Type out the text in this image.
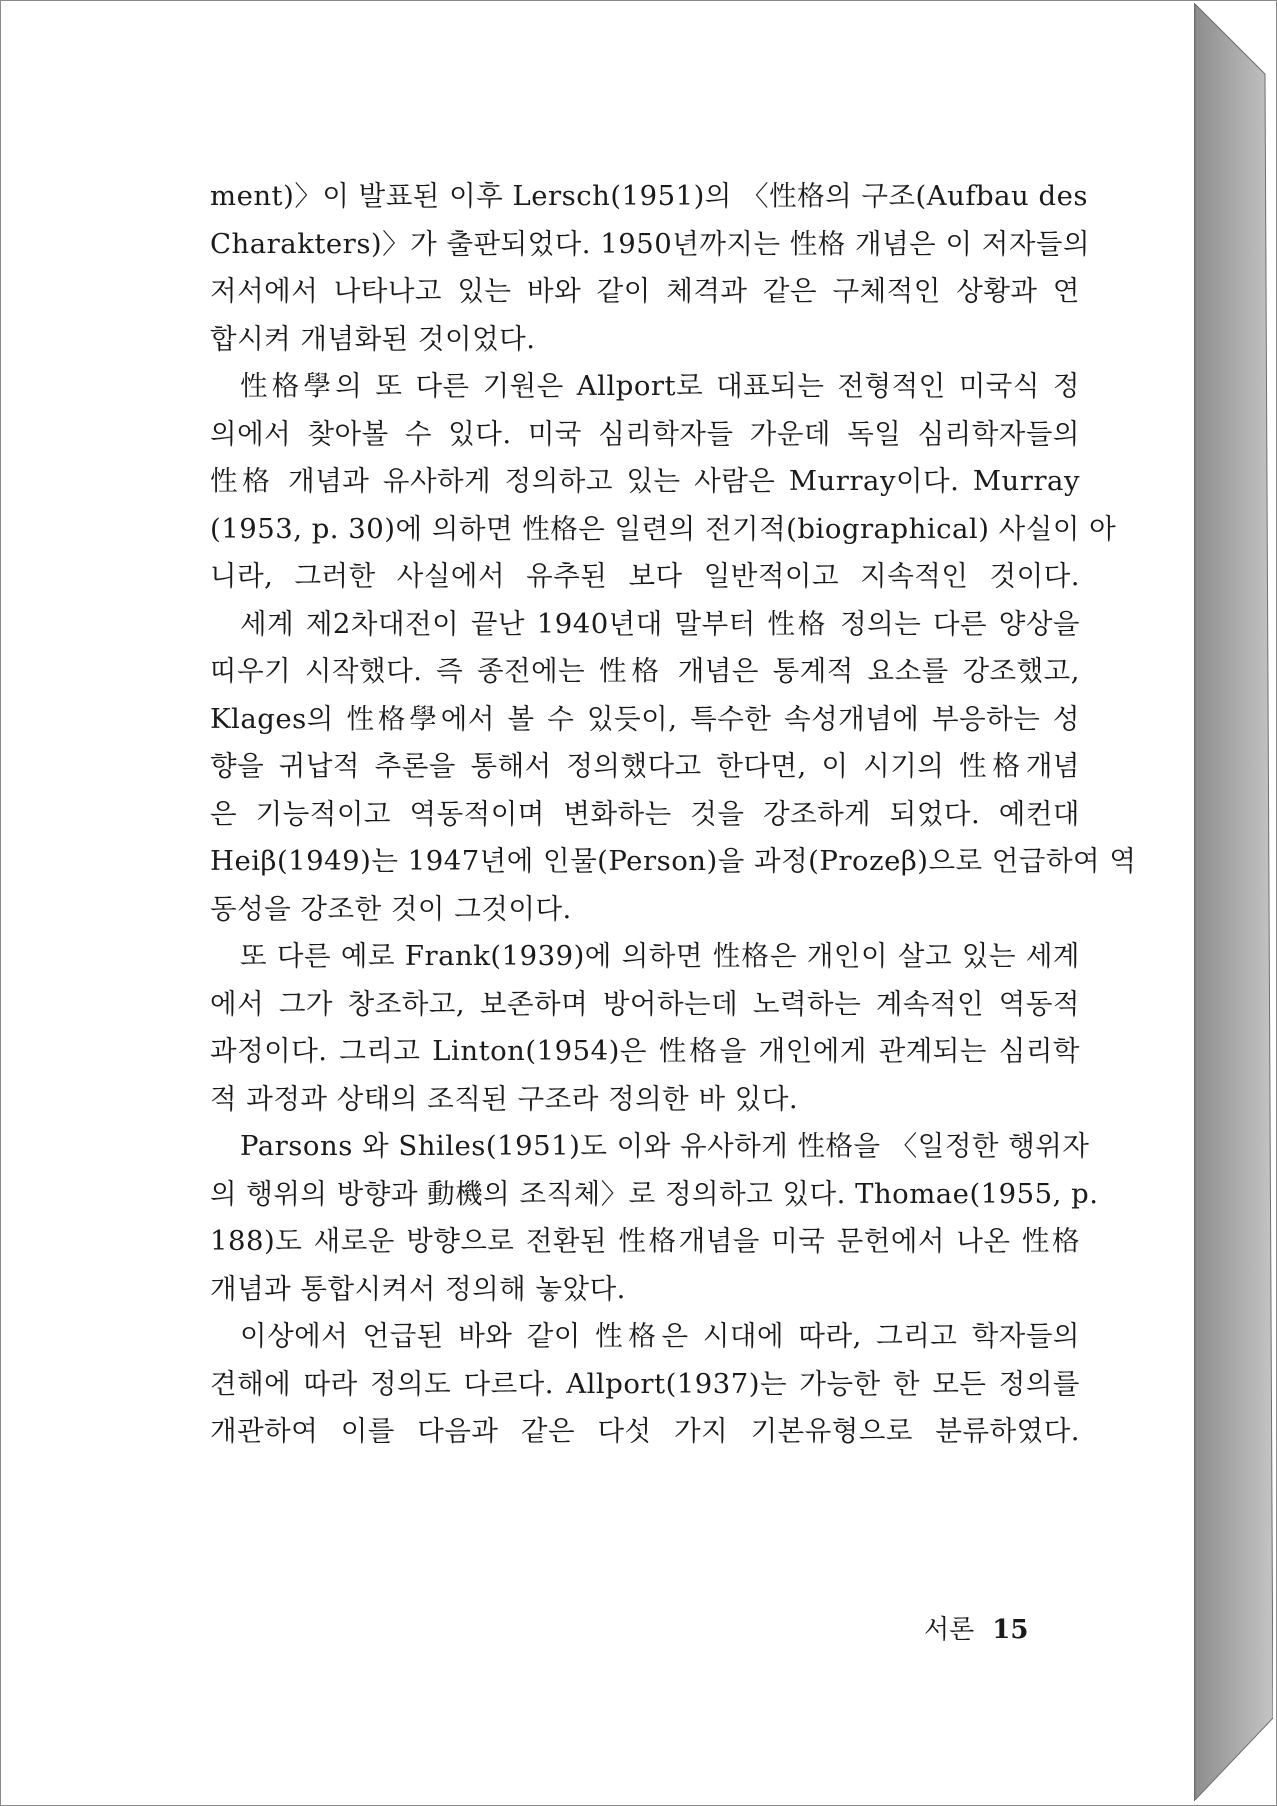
ment)〉이 발표된 이후 Lersch(1951)의 〈性格의 구조(Aufbau des
Charakters)〉가 출판되었다. 1950년까지는 性格 개념은 이 저자들의
저서에서 나타나고 있는 바와 같이 체격과 같은 구체적인 상황과 연
합시켜 개념화된 것이었다.
性格學의 또 다른 기원은 Allport로 대표되는 전형적인 미국식 정
의에서 찾아볼 수 있다. 미국 심리학자들 가운데 독일 심리학자들의
性格 개념과 유사하게 정의하고 있는 사람은 Murray이다. Murray
(1953, p. 30)에 의하면 性格은 일련의 전기적(biographical) 사실이 아
니라, 그러한 사실에서 유추된 보다 일반적이고 지속적인 것이다.
세계 제2차대전이 끝난 1940년대 말부터 性格 정의는 다른 양상을
띠우기 시작했다. 즉 종전에는 性格 개념은 통계적 요소를 강조했고,
Klages의 性格學에서 볼 수 있듯이, 특수한 속성개념에 부응하는 성
향을 귀납적 추론을 통해서 정의했다고 한다면, 이 시기의 性格개념
은 기능적이고 역동적이며 변화하는 것을 강조하게 되었다. 예컨대
Heiβ(1949)는 1947년에 인물(Person)을 과정(Prozeβ)으로 언급하여 역
동성을 강조한 것이 그것이다.
또 다른 예로 Frank(1939)에 의하면 性格은 개인이 살고 있는 세계
에서 그가 창조하고, 보존하며 방어하는데 노력하는 계속적인 역동적
과정이다. 그리고 Linton(1954)은 性格을 개인에게 관계되는 심리학
적 과정과 상태의 조직된 구조라 정의한 바 있다.
Parsons 와 Shiles(1951)도 이와 유사하게 性格을 〈일정한 행위자
의 행위의 방향과 動機의 조직체〉로 정의하고 있다. Thomae(1955, p.
188)도 새로운 방향으로 전환된 性格개념을 미국 문헌에서 나온 性格
개념과 통합시켜서 정의해 놓았다.
이상에서 언급된 바와 같이 性格은 시대에 따라, 그리고 학자들의
견해에 따라 정의도 다르다. Allport(1937)는 가능한 한 모든 정의를
개관하여 이를 다음과 같은 다섯 가지 기본유형으로 분류하였다.
서론 15
